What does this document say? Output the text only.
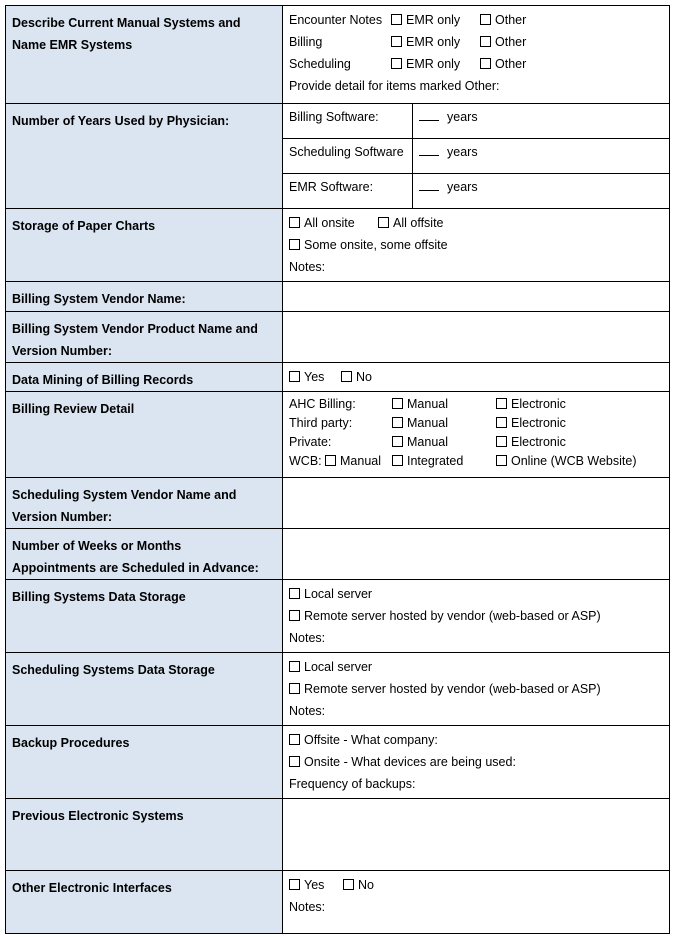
Describe Current Manual Systems and
Name EMR Systems

Encounter Notes EMR only	Other
Billing	EMR only	Other
Scheduling	EMR only	Other
Provide detail for items marked Other:

Number of Years Used by Physician:		Billing Software:	years
Scheduling Software	years
EMR Software:	years

Storage of Paper Charts	All onsite	All offsite
Some onsite, some offsite
Notes:

Billing System Vendor Name:	

Billing System Vendor Product Name and
Version Number:

Data Mining of Billing Records	Yes	No

Billing Review Detail	AHC Billing:	Manual	Electronic
Third party:	Manual	Electronic
Private:	Manual	Electronic
WCB: Manual Integrated	Online (WCB Website)

Scheduling System Vendor Name and
Version Number:

Number of Weeks or Months
Appointments are Scheduled in Advance:

Billing Systems Data Storage	Local server
Remote server hosted by vendor (web-based or ASP)
Notes:

Scheduling Systems Data Storage	Local server
Remote server hosted by vendor (web-based or ASP)
Notes:

Backup Procedures	Offsite - What company:
Onsite - What devices are being used:
Frequency of backups:

Previous Electronic Systems	
Other Electronic Interfaces	Yes	No
Notes:
